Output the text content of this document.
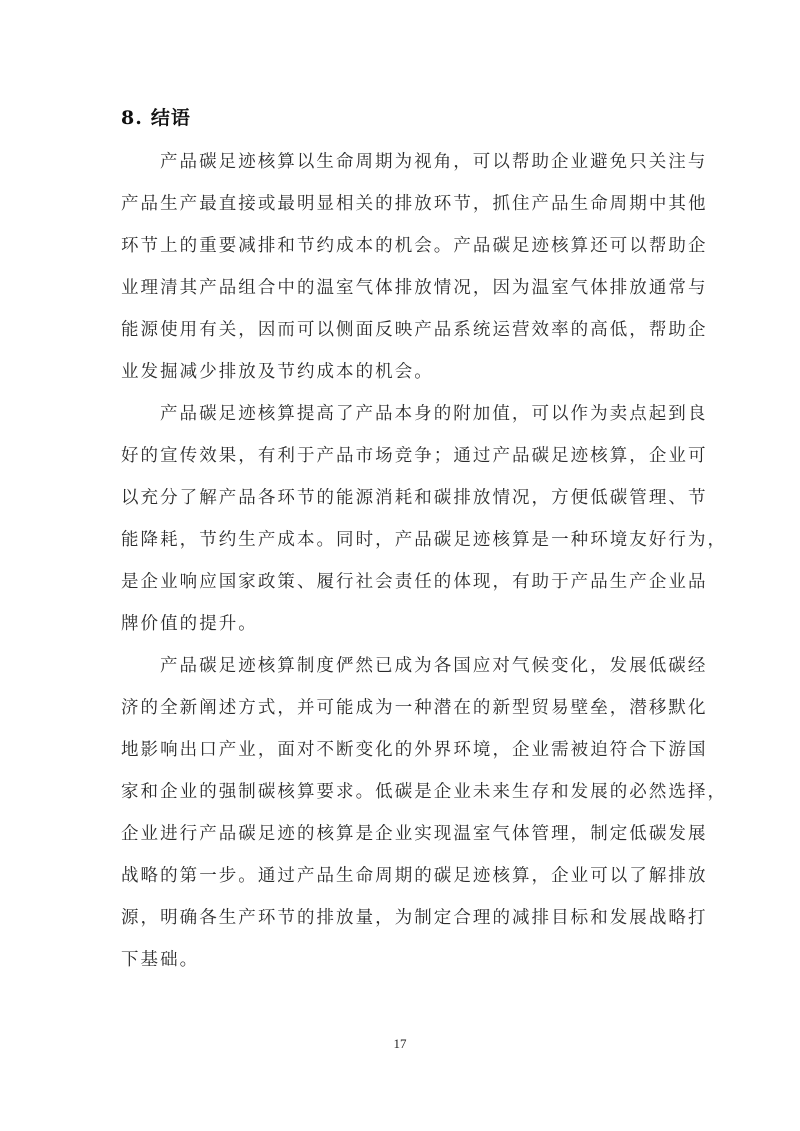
8. 结语
产品碳足迹核算以生命周期为视角，可以帮助企业避免只关注与
产品生产最直接或最明显相关的排放环节，抓住产品生命周期中其他
环节上的重要减排和节约成本的机会。产品碳足迹核算还可以帮助企
业理清其产品组合中的温室气体排放情况，因为温室气体排放通常与
能源使用有关，因而可以侧面反映产品系统运营效率的高低，帮助企
业发掘减少排放及节约成本的机会。
产品碳足迹核算提高了产品本身的附加值，可以作为卖点起到良
好的宣传效果，有利于产品市场竞争；通过产品碳足迹核算，企业可
以充分了解产品各环节的能源消耗和碳排放情况，方便低碳管理、节
能降耗，节约生产成本。同时，产品碳足迹核算是一种环境友好行为，
是企业响应国家政策、履行社会责任的体现，有助于产品生产企业品
牌价值的提升。
产品碳足迹核算制度俨然已成为各国应对气候变化，发展低碳经
济的全新阐述方式，并可能成为一种潜在的新型贸易壁垒，潜移默化
地影响出口产业，面对不断变化的外界环境，企业需被迫符合下游国
家和企业的强制碳核算要求。低碳是企业未来生存和发展的必然选择，
企业进行产品碳足迹的核算是企业实现温室气体管理，制定低碳发展
战略的第一步。通过产品生命周期的碳足迹核算，企业可以了解排放
源，明确各生产环节的排放量，为制定合理的减排目标和发展战略打
下基础。
17
